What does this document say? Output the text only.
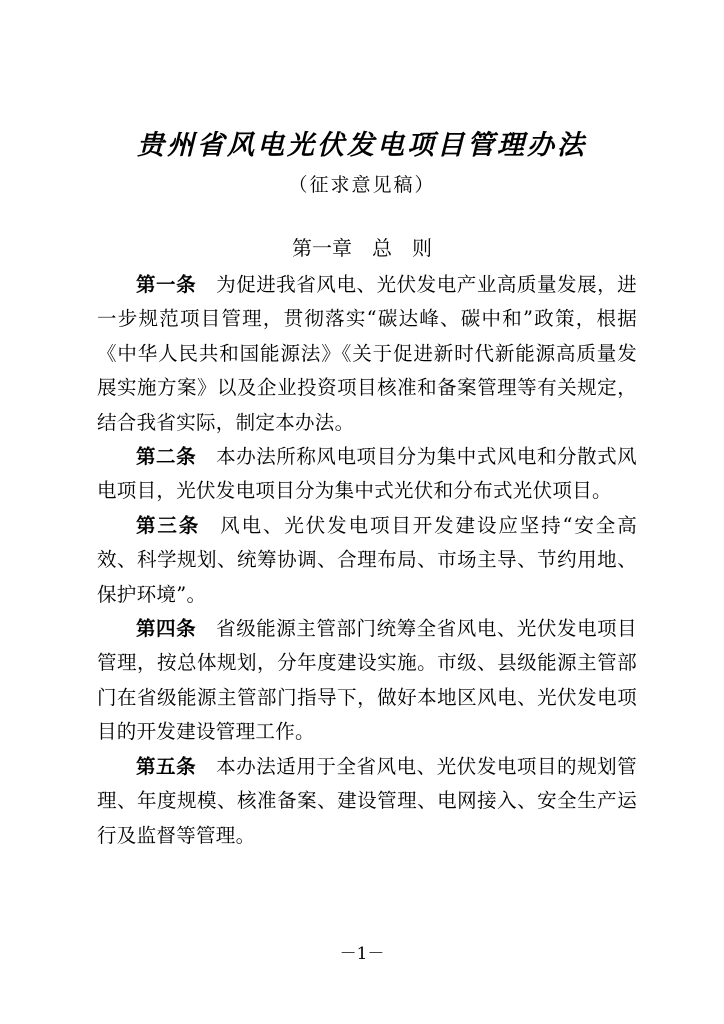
贵州省风电光伏发电项目管理办法
（征求意见稿）
第一章 总　则

第一条 为促进我省风电、光伏发电产业高质量发展，进一步规范项目管理，贯彻落实“碳达峰、碳中和”政策，根据《中华人民共和国能源法》《关于促进新时代新能源高质量发展实施方案》以及企业投资项目核准和备案管理等有关规定，结合我省实际，制定本办法。

第二条 本办法所称风电项目分为集中式风电和分散式风电项目，光伏发电项目分为集中式光伏和分布式光伏项目。

第三条 风电、光伏发电项目开发建设应坚持“安全高效、科学规划、统筹协调、合理布局、市场主导、节约用地、保护环境”。

第四条 省级能源主管部门统筹全省风电、光伏发电项目管理，按总体规划，分年度建设实施。市级、县级能源主管部门在省级能源主管部门指导下，做好本地区风电、光伏发电项目的开发建设管理工作。

第五条 本办法适用于全省风电、光伏发电项目的规划管理、年度规模、核准备案、建设管理、电网接入、安全生产运行及监督等管理。

－1－
